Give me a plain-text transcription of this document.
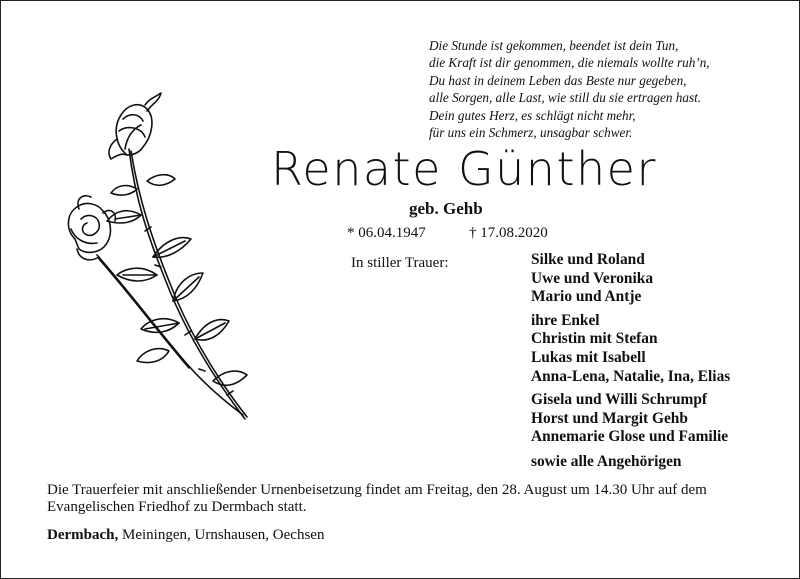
Die Stunde ist gekommen, beendet ist dein Tun,
die Kraft ist dir genommen, die niemals wollte ruh’n,
Du hast in deinem Leben das Beste nur gegeben,
alle Sorgen, alle Last, wie still du sie ertragen hast.
Dein gutes Herz, es schlägt nicht mehr,
für uns ein Schmerz, unsagbar schwer.
Renate Günther
geb. Gehb
* 06.04.1947	† 17.08.2020
In stiller Trauer:	Silke und Roland
Uwe und Veronika
Mario und Antje
ihre Enkel
Christin mit Stefan
Lukas mit Isabell
Anna-Lena, Natalie, Ina, Elias
Gisela und Willi Schrumpf
Horst und Margit Gehb
Annemarie Glose und Familie
sowie alle Angehörigen
Die Trauerfeier mit anschließender Urnenbeisetzung findet am Freitag, den 28. August um 14.30 Uhr auf dem Evangelischen Friedhof zu Dermbach statt.
Dermbach, Meiningen, Urnshausen, Oechsen
